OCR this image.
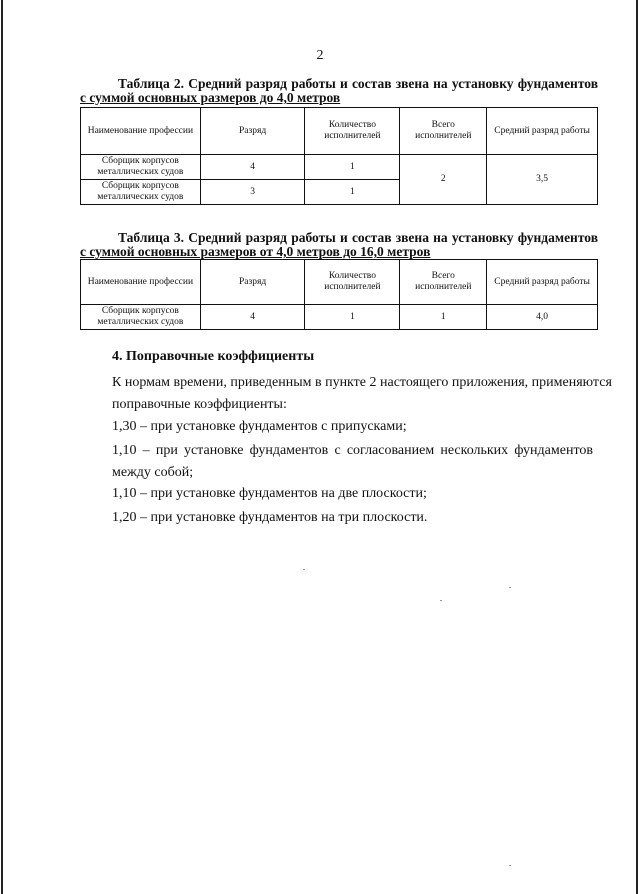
2
Таблица 2. Средний разряд работы и состав звена на установку фундаментов
с суммой основных размеров до 4,0 метров
Наименование профессии	Разряд	Количество исполнителей	Всего исполнителей	Средний разряд работы
Сборщик корпусов металлических судов	4	1	2	3,5
Сборщик корпусов металлических судов	3	1		
Таблица 3. Средний разряд работы и состав звена на установку фундаментов
с суммой основных размеров от 4,0 метров до 16,0 метров
Наименование профессии	Разряд	Количество исполнителей	Всего исполнителей	Средний разряд работы
Сборщик корпусов металлических судов	4	1	1	4,0
4. Поправочные коэффициенты
К нормам времени, приведенным в пункте 2 настоящего приложения, применяются
поправочные коэффициенты:
1,30 – при установке фундаментов с припусками;
1,10 – при установке фундаментов с согласованием нескольких фундаментов
между собой;
1,10 – при установке фундаментов на две плоскости;
1,20 – при установке фундаментов на три плоскости.
